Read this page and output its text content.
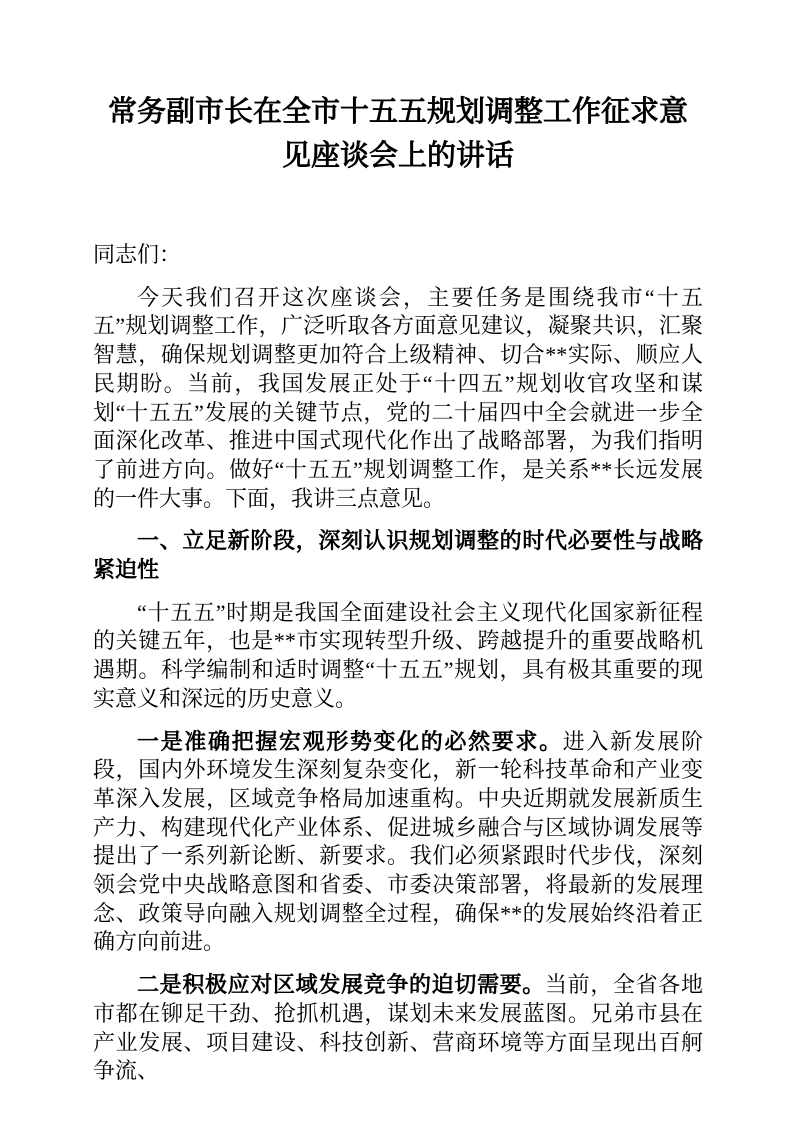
常务副市长在全市十五五规划调整工作征求意见座谈会上的讲话

同志们：

今天我们召开这次座谈会，主要任务是围绕我市“十五五”规划调整工作，广泛听取各方面意见建议，凝聚共识，汇聚智慧，确保规划调整更加符合上级精神、切合**实际、顺应人民期盼。当前，我国发展正处于“十四五”规划收官攻坚和谋划“十五五”发展的关键节点，党的二十届四中全会就进一步全面深化改革、推进中国式现代化作出了战略部署，为我们指明了前进方向。做好“十五五”规划调整工作，是关系**长远发展的一件大事。下面，我讲三点意见。

一、立足新阶段，深刻认识规划调整的时代必要性与战略紧迫性

“十五五”时期是我国全面建设社会主义现代化国家新征程的关键五年，也是**市实现转型升级、跨越提升的重要战略机遇期。科学编制和适时调整“十五五”规划，具有极其重要的现实意义和深远的历史意义。

一是准确把握宏观形势变化的必然要求。进入新发展阶段，国内外环境发生深刻复杂变化，新一轮科技革命和产业变革深入发展，区域竞争格局加速重构。中央近期就发展新质生产力、构建现代化产业体系、促进城乡融合与区域协调发展等提出了一系列新论断、新要求。我们必须紧跟时代步伐，深刻领会党中央战略意图和省委、市委决策部署，将最新的发展理念、政策导向融入规划调整全过程，确保**的发展始终沿着正确方向前进。

二是积极应对区域发展竞争的迫切需要。当前，全省各地市都在铆足干劲、抢抓机遇，谋划未来发展蓝图。兄弟市县在产业发展、项目建设、科技创新、营商环境等方面呈现出百舸争流、
